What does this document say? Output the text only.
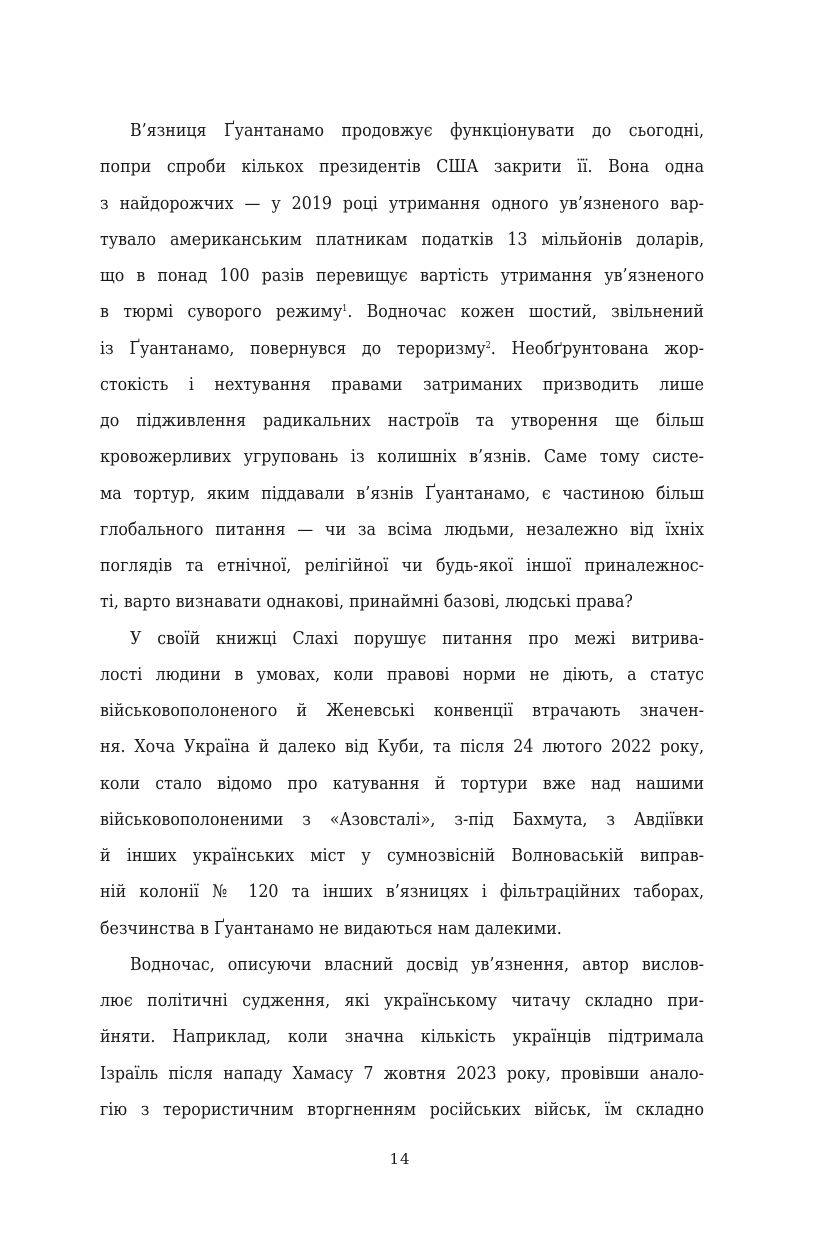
В’язниця Ґуантанамо продовжує функціонувати до сьогодні,
попри спроби кількох президентів США закрити її. Вона одна
з найдорожчих — у 2019 році утримання одного ув’язненого вар-
тувало американським платникам податків 13 мільйонів доларів,
що в понад 100 разів перевищує вартість утримання ув’язненого
в тюрмі суворого режиму$^1$. Водночас кожен шостий, звільнений
із Ґуантанамо, повернувся до тероризму$^2$. Необґрунтована жор-
стокість і нехтування правами затриманих призводить лише
до підживлення радикальних настроїв та утворення ще більш
кровожерливих угруповань із колишніх в’язнів. Саме тому систе-
ма тортур, яким піддавали в’язнів Ґуантанамо, є частиною більш
глобального питання — чи за всіма людьми, незалежно від їхніх
поглядів та етнічної, релігійної чи будь-якої іншої приналежнос-
ті, варто визнавати однакові, принаймні базові, людські права?
У своїй книжці Слахі порушує питання про межі витрива-
лості людини в умовах, коли правові норми не діють, а статус
військовополоненого й Женевські конвенції втрачають значен-
ня. Хоча Україна й далеко від Куби, та після 24 лютого 2022 року,
коли стало відомо про катування й тортури вже над нашими
військовополоненими з «Азовсталі», з-під Бахмута, з Авдіївки
й інших українських міст у сумнозвісній Волноваській виправ-
ній колонії № 120 та інших в’язницях і фільтраційних таборах,
безчинства в Ґуантанамо не видаються нам далекими.
Водночас, описуючи власний досвід ув’язнення, автор вислов-
лює політичні судження, які українському читачу складно при-
йняти. Наприклад, коли значна кількість українців підтримала
Ізраїль після нападу Хамасу 7 жовтня 2023 року, провівши анало-
гію з терористичним вторгненням російських військ, їм складно
14
